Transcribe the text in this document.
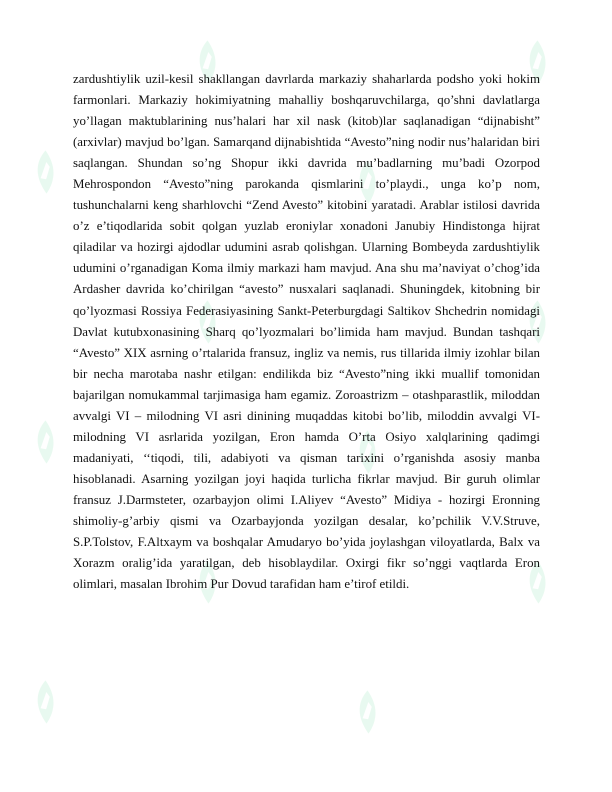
zardushtiylik uzil-kesil shakllangan davrlarda markaziy shaharlarda podsho yoki hokim farmonlari. Markaziy hokimiyatning mahalliy boshqaruvchilarga, qo’shni davlatlarga yo’llagan maktublarining nus’halari har xil nask (kitob)lar saqlanadigan “dijnabisht” (arxivlar) mavjud bo’lgan. Samarqand dijnabishtida “Avesto”ning nodir nus’halaridan biri saqlangan. Shundan so’ng Shopur ikki davrida mu’badlarning mu’badi Ozorpod Mehrospondon “Avesto”ning parokanda qismlarini to’playdi., unga ko’p nom, tushunchalarni keng sharhlovchi “Zend Avesto” kitobini yaratadi. Arablar istilosi davrida o’z e’tiqodlarida sobit qolgan yuzlab eroniylar xonadoni Janubiy Hindistonga hijrat qiladilar va hozirgi ajdodlar udumini asrab qolishgan. Ularning Bombeyda zardushtiylik udumini o’rganadigan Koma ilmiy markazi ham mavjud. Ana shu ma’naviyat o’chog’ida Ardasher davrida ko’chirilgan “avesto” nusxalari saqlanadi. Shuningdek, kitobning bir qo’lyozmasi Rossiya Federasiyasining Sankt-Peterburgdagi Saltikov Shchedrin nomidagi Davlat kutubxonasining Sharq qo’lyozmalari bo’limida ham mavjud. Bundan tashqari “Avesto” XIX asrning o’rtalarida fransuz, ingliz va nemis, rus tillarida ilmiy izohlar bilan bir necha marotaba nashr etilgan: endilikda biz “Avesto”ning ikki muallif tomonidan bajarilgan nomukammal tarjimasiga ham egamiz. Zoroastrizm – otashparastlik, miloddan avvalgi VI – milodning VI asri dinining muqaddas kitobi bo’lib, miloddin avvalgi VI- milodning VI asrlarida yozilgan, Eron hamda O’rta Osiyo xalqlarining qadimgi madaniyati, ‘‘tiqodi, tili, adabiyoti va qisman tarixini o’rganishda asosiy manba hisoblanadi. Asarning yozilgan joyi haqida turlicha fikrlar mavjud. Bir guruh olimlar fransuz J.Darmsteter, ozarbayjon olimi I.Aliyev “Avesto” Midiya - hozirgi Eronning shimoliy-g’arbiy qismi va Ozarbayjonda yozilgan desalar, ko’pchilik V.V.Struve, S.P.Tolstov, F.Altxaym va boshqalar Amudaryo bo’yida joylashgan viloyatlarda, Balx va Xorazm oralig’ida yaratilgan, deb hisoblaydilar. Oxirgi fikr so’nggi vaqtlarda Eron olimlari, masalan Ibrohim Pur Dovud tarafidan ham e’tirof etildi.
